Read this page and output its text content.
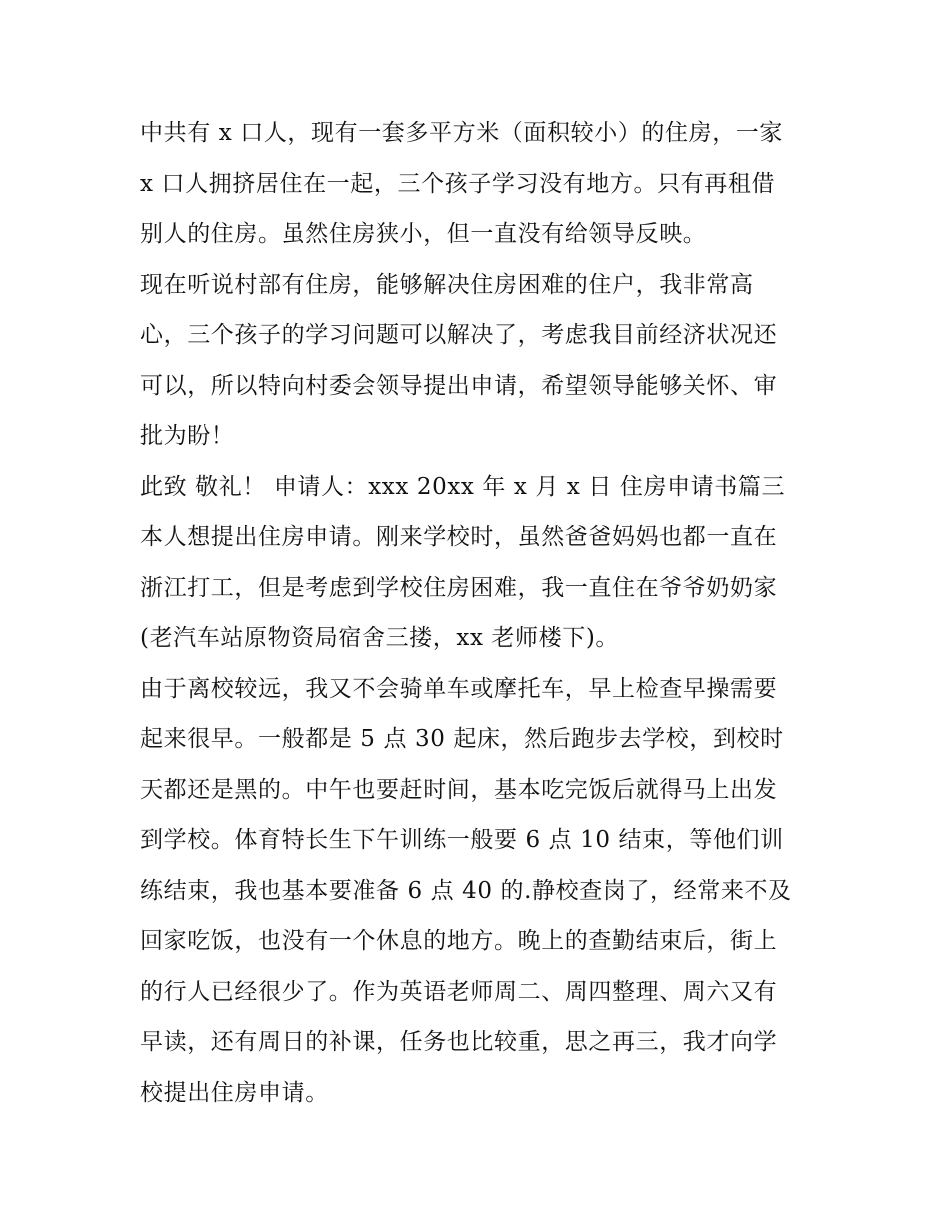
中共有 x 口人，现有一套多平方米（面积较小）的住房，一家
x 口人拥挤居住在一起，三个孩子学习没有地方。只有再租借
别人的住房。虽然住房狭小，但一直没有给领导反映。
现在听说村部有住房，能够解决住房困难的住户，我非常高
心，三个孩子的学习问题可以解决了，考虑我目前经济状况还
可以，所以特向村委会领导提出申请，希望领导能够关怀、审
批为盼！
此致 敬礼！ 申请人：xxx 20xx 年 x 月 x 日 住房申请书篇三
本人想提出住房申请。刚来学校时，虽然爸爸妈妈也都一直在
浙江打工，但是考虑到学校住房困难，我一直住在爷爷奶奶家
(老汽车站原物资局宿舍三搂，xx 老师楼下)。
由于离校较远，我又不会骑单车或摩托车，早上检查早操需要
起来很早。一般都是 5 点 30 起床，然后跑步去学校，到校时
天都还是黑的。中午也要赶时间，基本吃完饭后就得马上出发
到学校。体育特长生下午训练一般要 6 点 10 结束，等他们训
练结束，我也基本要准备 6 点 40 的.静校查岗了，经常来不及
回家吃饭，也没有一个休息的地方。晚上的查勤结束后，街上
的行人已经很少了。作为英语老师周二、周四整理、周六又有
早读，还有周日的补课，任务也比较重，思之再三，我才向学
校提出住房申请。
